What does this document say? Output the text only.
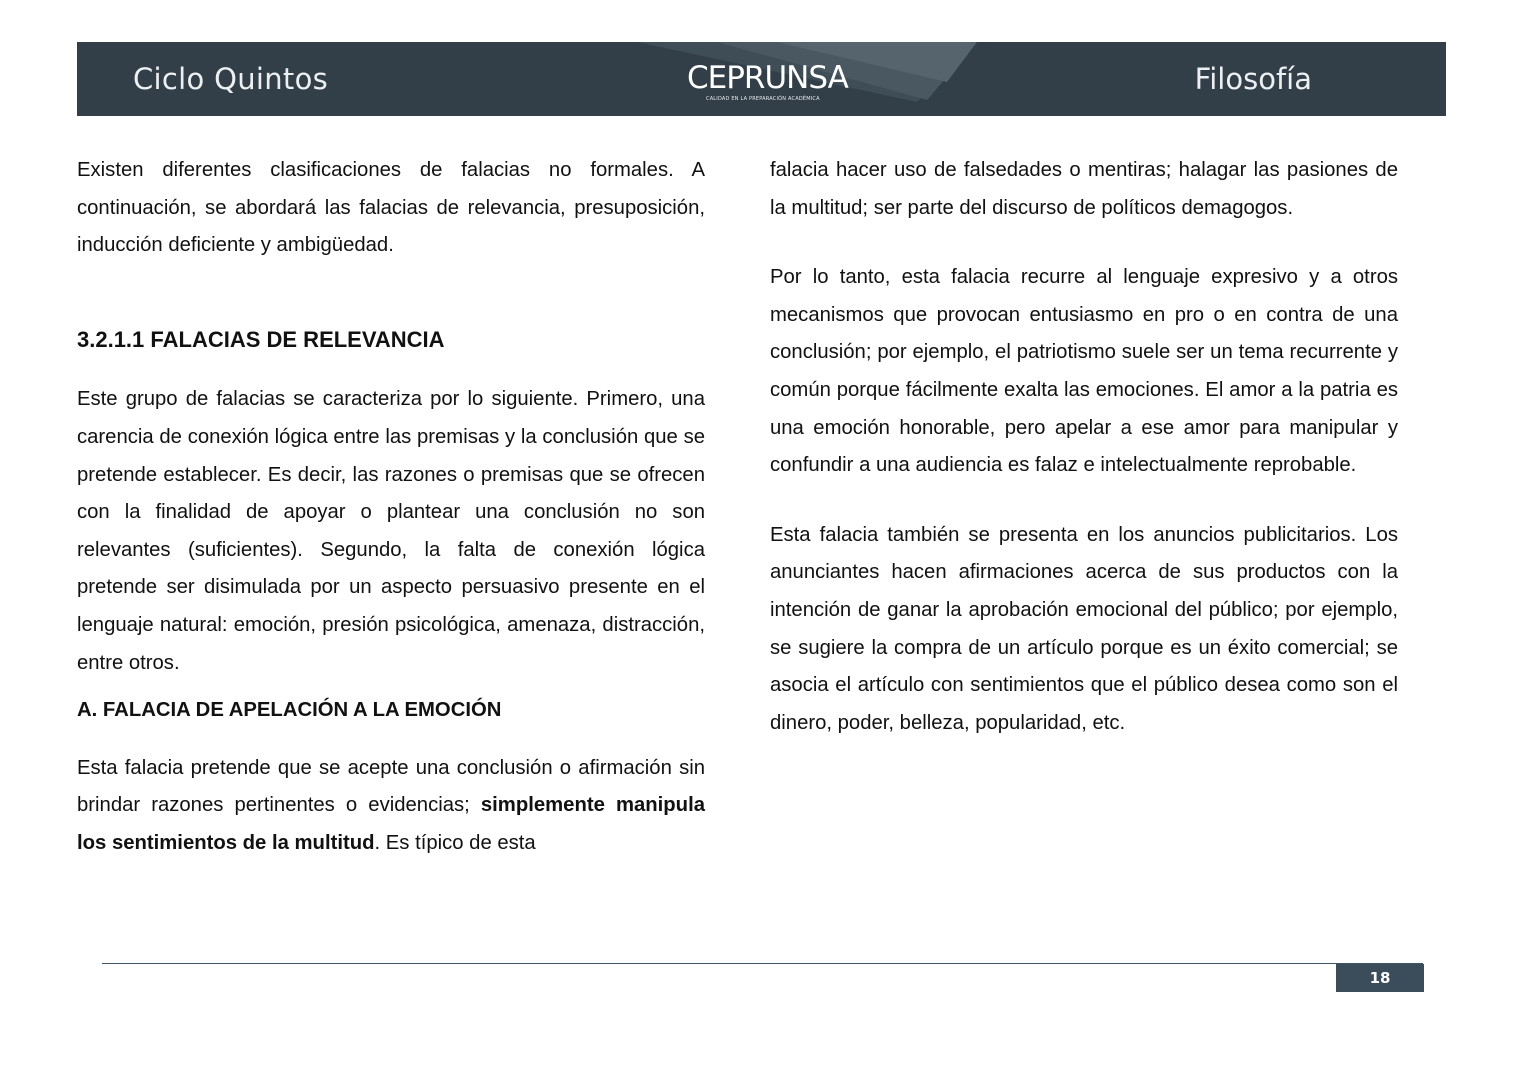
Ciclo Quintos	CEPRUNSA
CALIDAD EN LA PREPARACIÓN ACADÉMICA
Filosofía

Existen diferentes clasificaciones de falacias no formales. A continuación, se abordará las falacias de relevancia, presuposición, inducción deficiente y ambigüedad.

3.2.1.1 FALACIAS DE RELEVANCIA

Este grupo de falacias se caracteriza por lo siguiente. Primero, una carencia de conexión lógica entre las premisas y la conclusión que se pretende establecer. Es decir, las razones o premisas que se ofrecen con la finalidad de apoyar o plantear una conclusión no son relevantes (suficientes). Segundo, la falta de conexión lógica pretende ser disimulada por un aspecto persuasivo presente en el lenguaje natural: emoción, presión psicológica, amenaza, distracción, entre otros.

A. FALACIA DE APELACIÓN A LA EMOCIÓN

Esta falacia pretende que se acepte una conclusión o afirmación sin brindar razones pertinentes o evidencias; simplemente manipula los sentimientos de la multitud. Es típico de esta

falacia hacer uso de falsedades o mentiras; halagar las pasiones de la multitud; ser parte del discurso de políticos demagogos.

Por lo tanto, esta falacia recurre al lenguaje expresivo y a otros mecanismos que provocan entusiasmo en pro o en contra de una conclusión; por ejemplo, el patriotismo suele ser un tema recurrente y común porque fácilmente exalta las emociones. El amor a la patria es una emoción honorable, pero apelar a ese amor para manipular y confundir a una audiencia es falaz e intelectualmente reprobable.

Esta falacia también se presenta en los anuncios publicitarios. Los anunciantes hacen afirmaciones acerca de sus productos con la intención de ganar la aprobación emocional del público; por ejemplo, se sugiere la compra de un artículo porque es un éxito comercial; se asocia el artículo con sentimientos que el público desea como son el dinero, poder, belleza, popularidad, etc.

18
